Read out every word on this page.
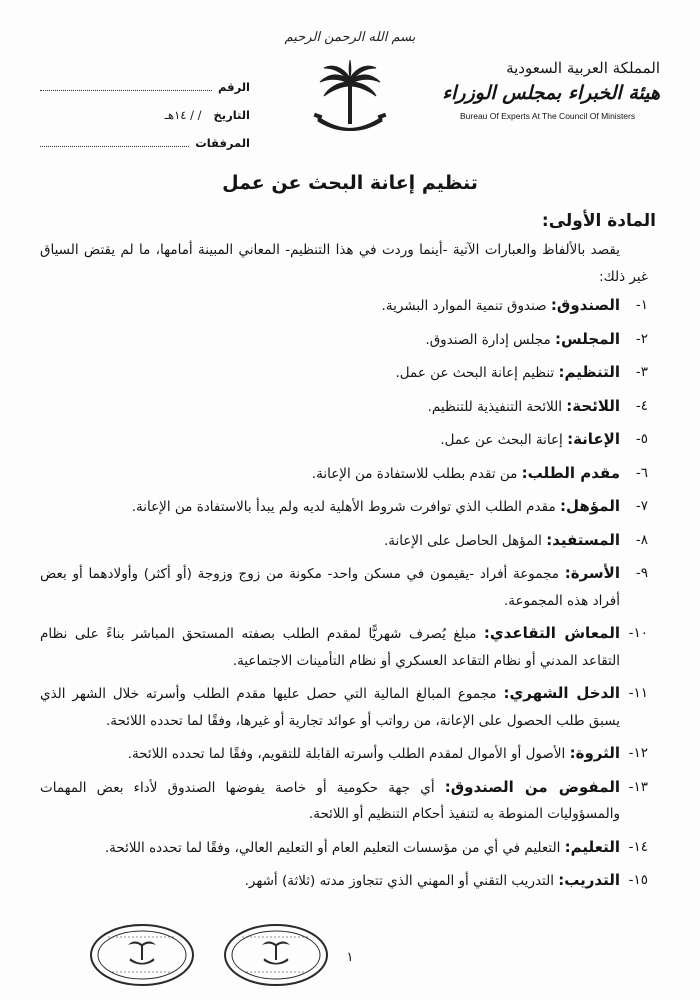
المملكة العربية السعودية
هيئة الخبراء بمجلس الوزراء
Bureau Of Experts At The Council Of Ministers
بسم الله الرحمن الرحيم
الرقم
التاريخ
/ / ١٤هـ
المرفقات
تنظيم إعانة البحث عن عمل
المادة الأولى:
يقصد بالألفاظ والعبارات الآتية -أينما وردت في هذا التنظيم- المعاني المبينة أمامها، ما لم يقتض السياق غير ذلك:
١-
الصندوق: صندوق تنمية الموارد البشرية.
٢-
المجلس: مجلس إدارة الصندوق.
٣-
التنظيم: تنظيم إعانة البحث عن عمل.
٤-
اللائحة: اللائحة التنفيذية للتنظيم.
٥-
الإعانة: إعانة البحث عن عمل.
٦-
مقدم الطلب: من تقدم بطلب للاستفادة من الإعانة.
٧-
المؤهل: مقدم الطلب الذي توافرت شروط الأهلية لديه ولم يبدأ بالاستفادة من الإعانة.
٨-
المستفيد: المؤهل الحاصل على الإعانة.
٩-
الأسرة: مجموعة أفراد -يقيمون في مسكن واحد- مكونة من زوج وزوجة (أو أكثر) وأولادهما أو بعض أفراد هذه المجموعة.
١٠-
المعاش التقاعدي: مبلغ يُصرف شهريًّا لمقدم الطلب بصفته المستحق المباشر بناءً على نظام التقاعد المدني أو نظام التقاعد العسكري أو نظام التأمينات الاجتماعية.
١١-
الدخل الشهري: مجموع المبالغ المالية التي حصل عليها مقدم الطلب وأسرته خلال الشهر الذي يسبق طلب الحصول على الإعانة، من رواتب أو عوائد تجارية أو غيرها، وفقًا لما تحدده اللائحة.
١٢-
الثروة: الأصول أو الأموال لمقدم الطلب وأسرته القابلة للتقويم، وفقًا لما تحدده اللائحة.
١٣-
المفوض من الصندوق: أي جهة حكومية أو خاصة يفوضها الصندوق لأداء بعض المهمات والمسؤوليات المنوطة به لتنفيذ أحكام التنظيم أو اللائحة.
١٤-
التعليم: التعليم في أي من مؤسسات التعليم العام أو التعليم العالي، وفقًا لما تحدده اللائحة.
١٥-
التدريب: التدريب التقني أو المهني الذي تتجاوز مدته (ثلاثة) أشهر.
١
